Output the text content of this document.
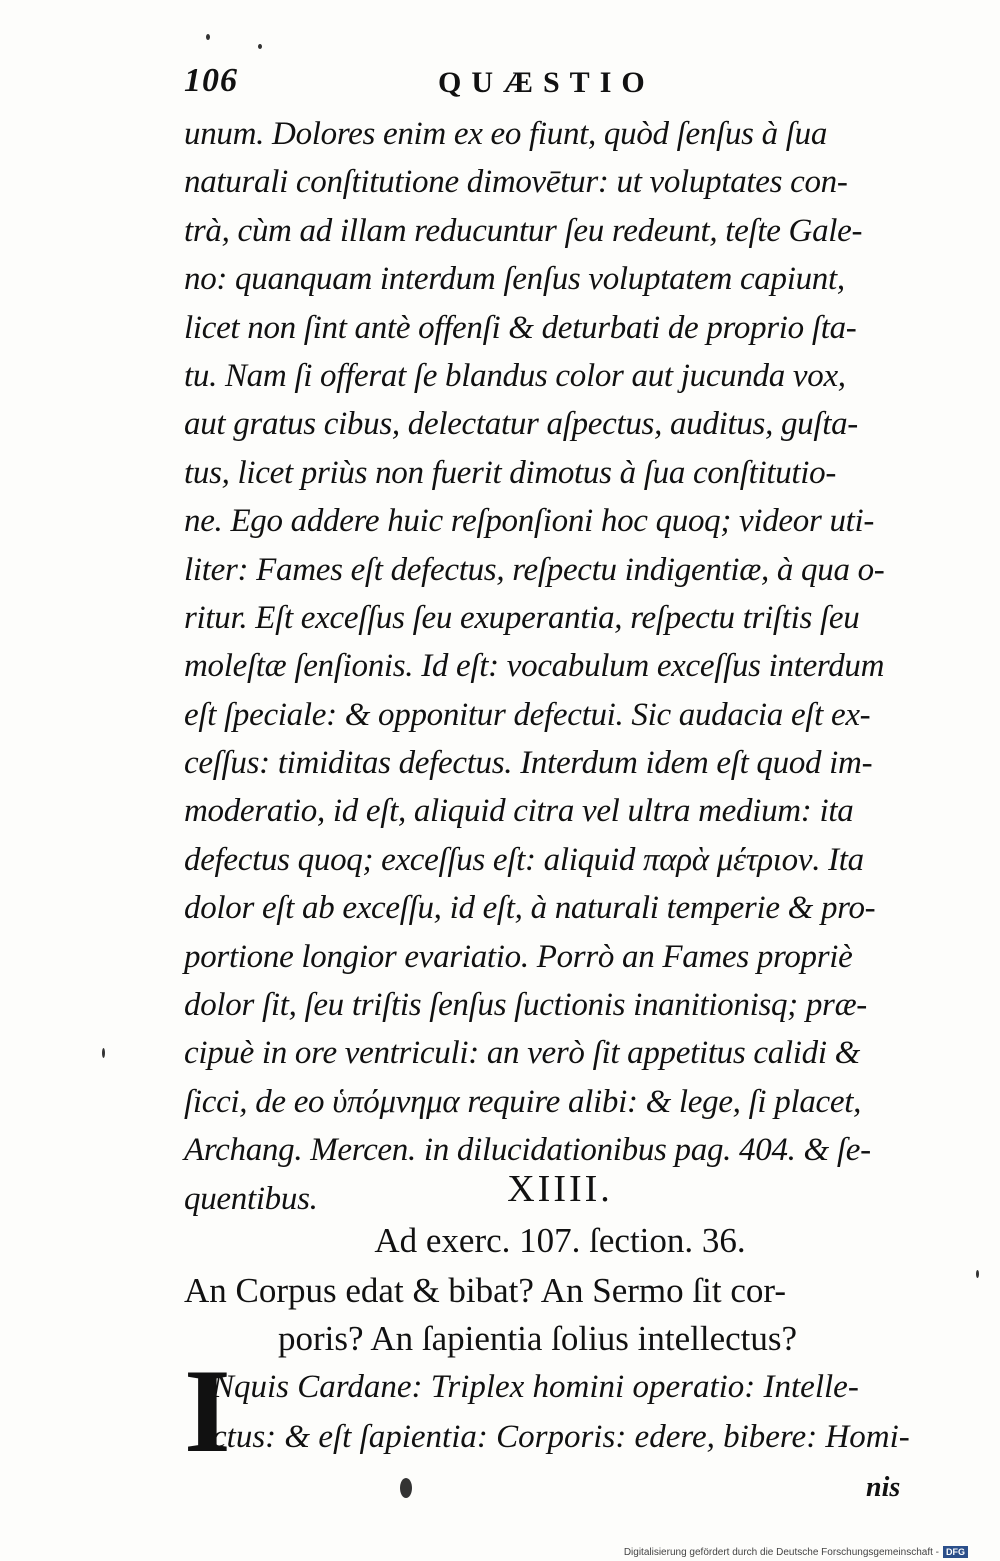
106	QUÆSTIO
unum. Dolores enim ex eo fiunt, quòd ſenſus à ſua
naturali conſtitutione dimovētur: ut voluptates con-
trà, cùm ad illam reducuntur ſeu redeunt, teſte Gale-
no: quanquam interdum ſenſus voluptatem capiunt,
licet non ſint antè offenſi & deturbati de proprio ſta-
tu. Nam ſi offerat ſe blandus color aut jucunda vox,
aut gratus cibus, delectatur aſpectus, auditus, guſta-
tus, licet priùs non fuerit dimotus à ſua conſtitutio-
ne. Ego addere huic reſponſioni hoc quoq; videor uti-
liter: Fames eſt defectus, reſpectu indigentiæ, à qua o-
ritur. Eſt exceſſus ſeu exuperantia, reſpectu triſtis ſeu
moleſtæ ſenſionis. Id eſt: vocabulum exceſſus interdum
eſt ſpeciale: & opponitur defectui. Sic audacia eſt ex-
ceſſus: timiditas defectus. Interdum idem eſt quod im-
moderatio, id eſt, aliquid citra vel ultra medium: ita
defectus quoq; exceſſus eſt: aliquid παρὰ μέτριον. Ita
dolor eſt ab exceſſu, id eſt, à naturali temperie & pro-
portione longior evariatio. Porrò an Fames propriè
dolor ſit, ſeu triſtis ſenſus ſuctionis inanitionisq; præ-
cipuè in ore ventriculi: an verò ſit appetitus calidi &
ſicci, de eo ὑπόμνημα require alibi: & lege, ſi placet,
Archang. Mercen. in dilucidationibus pag. 404. & ſe-
quentibus.	XIIII.
Ad exerc. 107. ſection. 36.
An Corpus edat & bibat? An Sermo ſit cor-
poris? An ſapientia ſolius intellectus?
I
Nquis Cardane: Triplex homini operatio: Intelle-
ctus: & eſt ſapientia: Corporis: edere, bibere: Homi-
nis
Digitalisierung gefördert durch die Deutsche Forschungsgemeinschaft - DFG
